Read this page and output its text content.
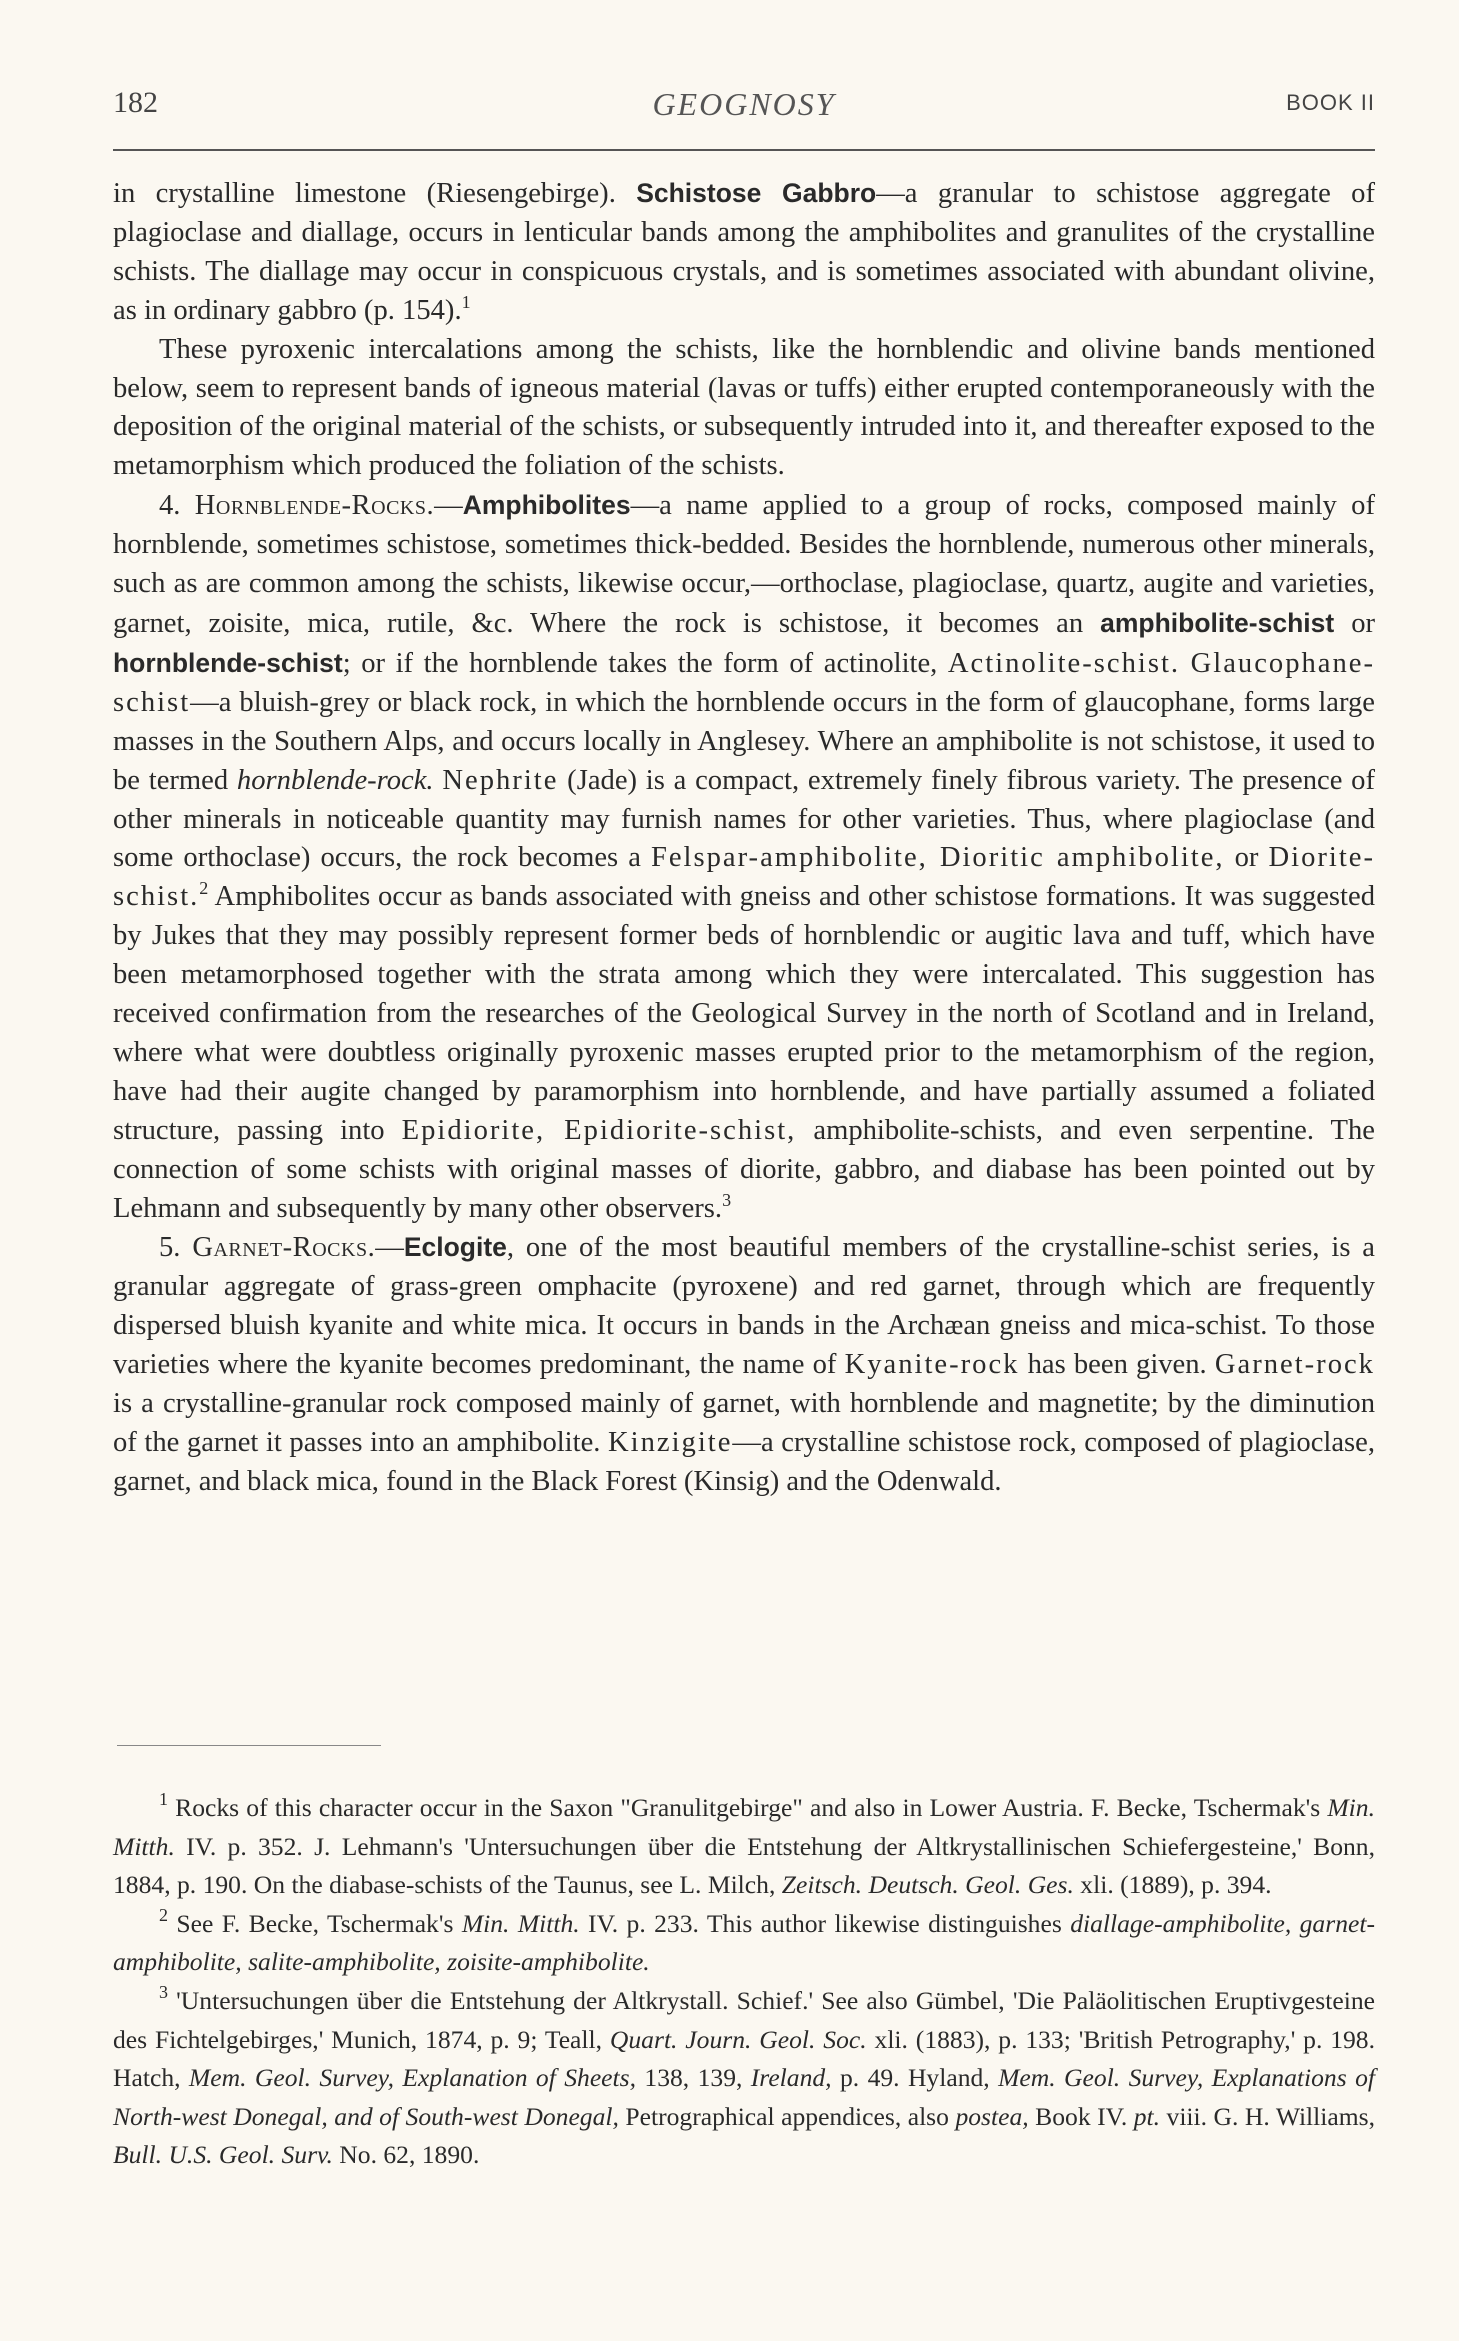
182	GEOGNOSY	BOOK II

in crystalline limestone (Riesengebirge). Schistose Gabbro—a granular to schistose aggregate of plagioclase and diallage, occurs in lenticular bands among the amphibolites and granulites of the crystalline schists. The diallage may occur in conspicuous crystals, and is sometimes associated with abundant olivine, as in ordinary gabbro (p. 154).$^1$

These pyroxenic intercalations among the schists, like the hornblendic and olivine bands mentioned below, seem to represent bands of igneous material (lavas or tuffs) either erupted contemporaneously with the deposition of the original material of the schists, or subsequently intruded into it, and thereafter exposed to the metamorphism which produced the foliation of the schists.

4. Hornblende-Rocks.—Amphibolites—a name applied to a group of rocks, composed mainly of hornblende, sometimes schistose, sometimes thick-bedded. Besides the hornblende, numerous other minerals, such as are common among the schists, likewise occur,—orthoclase, plagioclase, quartz, augite and varieties, garnet, zoisite, mica, rutile, &c. Where the rock is schistose, it becomes an amphibolite-schist or hornblende-schist; or if the hornblende takes the form of actinolite, Actinolite-schist. Glaucophane-schist—a bluish-grey or black rock, in which the hornblende occurs in the form of glaucophane, forms large masses in the Southern Alps, and occurs locally in Anglesey. Where an amphibolite is not schistose, it used to be termed hornblende-rock. Nephrite (Jade) is a compact, extremely finely fibrous variety. The presence of other minerals in noticeable quantity may furnish names for other varieties. Thus, where plagioclase (and some orthoclase) occurs, the rock becomes a Felspar-amphibolite, Dioritic amphibolite, or Diorite-schist.$^2$ Amphibolites occur as bands associated with gneiss and other schistose formations. It was suggested by Jukes that they may possibly represent former beds of hornblendic or augitic lava and tuff, which have been metamorphosed together with the strata among which they were intercalated. This suggestion has received confirmation from the researches of the Geological Survey in the north of Scotland and in Ireland, where what were doubtless originally pyroxenic masses erupted prior to the metamorphism of the region, have had their augite changed by paramorphism into hornblende, and have partially assumed a foliated structure, passing into Epidiorite, Epidiorite-schist, amphibolite-schists, and even serpentine. The connection of some schists with original masses of diorite, gabbro, and diabase has been pointed out by Lehmann and subsequently by many other observers.$^3$

5. Garnet-Rocks.—Eclogite, one of the most beautiful members of the crystalline-schist series, is a granular aggregate of grass-green omphacite (pyroxene) and red garnet, through which are frequently dispersed bluish kyanite and white mica. It occurs in bands in the Archæan gneiss and mica-schist. To those varieties where the kyanite becomes predominant, the name of Kyanite-rock has been given. Garnet-rock is a crystalline-granular rock composed mainly of garnet, with hornblende and magnetite; by the diminution of the garnet it passes into an amphibolite. Kinzigite—a crystalline schistose rock, composed of plagioclase, garnet, and black mica, found in the Black Forest (Kinsig) and the Odenwald.

$^1$ Rocks of this character occur in the Saxon "Granulitgebirge" and also in Lower Austria. F. Becke, Tschermak's Min. Mitth. IV. p. 352. J. Lehmann's 'Untersuchungen über die Entstehung der Altkrystallinischen Schiefergesteine,' Bonn, 1884, p. 190. On the diabase-schists of the Taunus, see L. Milch, Zeitsch. Deutsch. Geol. Ges. xli. (1889), p. 394.

$^2$ See F. Becke, Tschermak's Min. Mitth. IV. p. 233. This author likewise distinguishes diallage-amphibolite, garnet-amphibolite, salite-amphibolite, zoisite-amphibolite.

$^3$ 'Untersuchungen über die Entstehung der Altkrystall. Schief.' See also Gümbel, 'Die Paläolitischen Eruptivgesteine des Fichtelgebirges,' Munich, 1874, p. 9; Teall, Quart. Journ. Geol. Soc. xli. (1883), p. 133; 'British Petrography,' p. 198. Hatch, Mem. Geol. Survey, Explanation of Sheets, 138, 139, Ireland, p. 49. Hyland, Mem. Geol. Survey, Explanations of North-west Donegal, and of South-west Donegal, Petrographical appendices, also postea, Book IV. pt. viii. G. H. Williams, Bull. U.S. Geol. Surv. No. 62, 1890.
